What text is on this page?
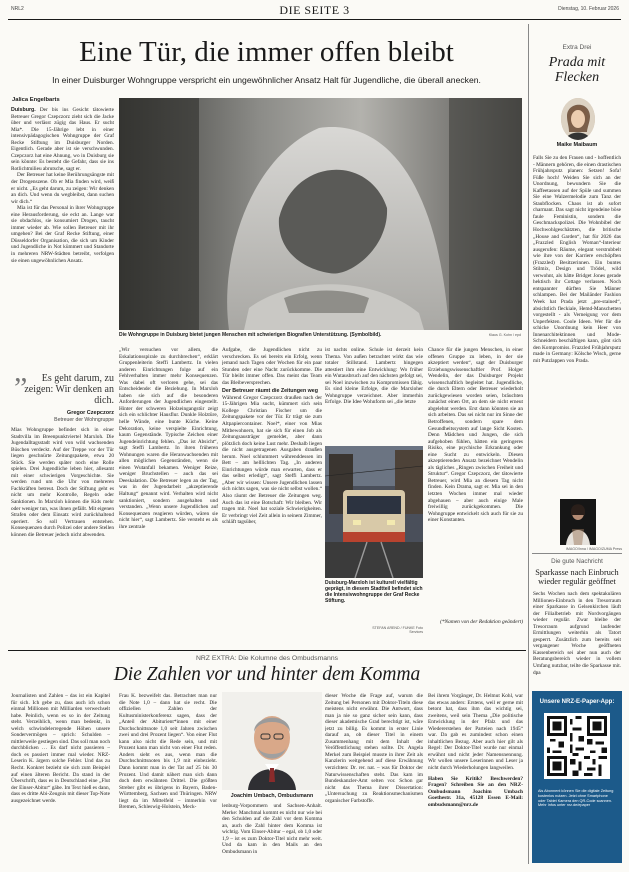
NRL2	DIE SEITE 3	Dienstag, 10. Februar 2026
Eine Tür, die immer offen bleibt
In einer Duisburger Wohngruppe verspricht ein ungewöhnlicher Ansatz Halt für Jugendliche, die überall anecken.
Jalica Engelbarts
Die Wohngruppe in Duisburg bietet jungen Menschen mit schwierigen Biografien Unterstützung. (Symbolbild).	Klaus G. Kohn / epd

Duisburg. Der bis ins Gesicht tätowierte Betreuer Gregor Czepczorz zieht sich die Jacke über und verlässt zügig das Haus. Er sucht Mia*. Die 15-Jährige lebt in einer intensivpädagogischen Wohngruppe der Graf Recke Stiftung im Duisburger Norden. Eigentlich. Gerade aber ist sie verschwunden. Czepczorz hat eine Ahnung, wo in Duisburg sie sein könnte: Es besteht die Gefahr, dass sie ins Rotlichtmilieu abrutsche, sagt er.

Der Betreuer hat keine Berührungsängste mit der Drogenszene. Ob er Mia finden wird, weiß er nicht. „Es geht darum, zu zeigen: Wir denken an dich. Und wenn du wegbleibst, dann suchen wir dich.“

Mia ist für das Personal in ihrer Wohngruppe eine Herausforderung, sie eckt an. Lange war sie obdachlos, sie konsumiert Drogen, taucht immer wieder ab. Wie sollen Betreuer mit ihr umgehen? Bei der Graf Recke Stiftung, einer Düsseldorfer Organisation, die sich um Kinder und Jugendliche in Not kümmert und Standorte in mehreren NRW-Städten betreibt, verfolgen sie einen ungewöhnlichen Ansatz.

„	Es geht darum, zu zeigen: Wir denken an dich.
Gregor Czepczorz
Betreuer der Wohngruppe

Mias Wohngruppe befindet sich in einer Stadtvilla im Breenpunktviertel Marxloh. Die Jugendalltagsstadt wird von wild wachsenden Büschen verdeckt. Auf der Treppe vor der Tür liegen geschnürte Zeitungspakete, etwa 20 Stück. Sie werden später noch eine Rolle spielen. Drei Jugendliche leben hier, allesamt mit einer schwierigen Vorgeschichte. Sie werden rund um die Uhr von mehreren Fachkräften betreut. Doch der Stiftung geht es nicht um mehr Kontrolle, Regeln oder Sanktionen. In Marxloh können die Kids mehr oder weniger tun, was ihnen gefällt. Mit eigenen Strafen oder dem Einsatz wird zurückhaltend operiert. So soll Vertrauen entstehen. Konsequenzen durch Polizei oder andere Stellen können die Betreuer jedoch nicht abwenden.

„Wir versuchen vor allem, die Eskalationsspirale zu durchbrechen“, erklärt Gruppenleiterin Steffi Lambertz. In vielen anderen Einrichtungen folge auf ein Fehlverhalten immer mehr Konsequenzen. Was dabei oft verloren gehe, sei das Entscheidende: die Beziehung. In Marxloh haben sie sich auf die besonderen Anforderungen der Jugendlichen eingestellt. Hinter der schweren Holzeingangstür zeigt sich ein schlichter Hausflur. Dunkle Holztüre, helle Wände, eine bunte Küche. Keine Dekoration, keine verspielte Einrichtung, kaum Gegenstände. Typische Zeichen einer Jugendeinrichtung fehlen. „Das ist Absicht“, sagt Steffi Lambertz. In ihren früheren Wohnungen waren die Heranwachsenden mit allen möglichen Gegenständen, wenn sie einen Wutanfall bekamen. Weniger Reize, weniger Bruchstellen – auch das sei Deeskalation. Die Betreuer legen an der Tag, was in der Jugendarbeit „akzeptierende Haltung“ genannt wird. Verhalten wird nicht sanktioniert, sondern ausgehalten und verstanden. „Wenn unsere Jugendlichen auf Konsequenzen reagieren würden, wären sie nicht hier“, sagt Lambertz. Sie versteht es als ihre zentrale

Aufgabe, die Jugendlichen nicht zu verschrecken. Es sei bereits ein Erfolg, wenn jemand nach Tagen oder Wochen für ein paar Stunden oder eine Nacht zurückkomme. Die Tür bleibt immer offen. Das meint das Team das Bleibeversprechen.

Der Betreuer räumt die Zeitungen weg

Während Gregor Czepczorz draußen nach der 15-Jährigen Mia sucht, kümmert sich sein Kollege Christian Fischer um die Zeitungspakete vor der Tür. Er trägt sie zum Altpapiercontainer. Noel*, einer von Mias Mitbewohnern, hat sie sich für einen Job als Zeitungsausträger gemeldet, aber dann plötzlich doch keine Lust mehr. Deshalb liegen die nicht ausgetragenen Ausgaben draußen herum. Noel schlummert währenddessen im Bett – am helllichten Tag. „In anderen Einrichtungen würde man erwarten, dass er das selbst erledigt“, sagt Steffi Lambertz. „Aber wir wissen: Unsere Jugendlichen lassen sich nichts sagen, was sie nicht selbst wollen.“ Also räumt der Betreuer die Zeitungen weg. Auch das ist eine Botschaft: Wir bleiben. Wir tragen mit. Noel hat soziale Schwierigkeiten. Er verbringt viel Zeit allein in seinem Zimmer, schläft tagsüber,

ist nachts online. Schule ist derzeit kein Thema. Von außen betrachtet wirkt das wie totaler Stillstand. Lambertz hingegen attestiert ihm eine Entwicklung: Wo früher ein Wutausbruch auf den nächsten gefolgt sei, sei Noel inzwischen zu Kompromissen fähig. Es sind kleine Erfolge, die die Marxloher Wohngruppe verzeichnet. Aber immerhin Erfolge. Die Idee Wohnform sei „die letzte

Duisburg-Marxloh ist kulturell vielfältig geprägt, in diesem Stadtteil befindet sich die Intensivwohngruppe der Graf Recke Stiftung.
STEFAN AREND / FUNKE Foto Services

Chance für die jungen Menschen, in einer offenen Gruppe zu leben, in der sie akzeptiert werden“, sagt der Duisburger Erziehungswissenschaftler Prof. Holger Wendelin, der das Duisburger Projekt wissenschaftlich begleitet hat. Jugendliche, die durch Eltern oder Betreuer wiederholt zurückgewiesen worden seien, bräuchten zunächst einen Ort, an dem sie nicht erneut abgelehnt werden. Erst dann könnten sie an sich arbeiten. Das sei nicht nur im Sinne der Betroffenen, sondern spare dem Gesundheitssystem auf lange Sicht Kosten. Denn Mädchen und Jungen, die sich aufgehoben fühlen, hätten ein geringeres Risiko, eine psychische Erkrankung oder eine Sucht zu entwickeln. Diesen akzeptierenden Ansatz bezeichnet Wendelin als tägliches „Ringen zwischen Freiheit und Struktur“. Gregor Czepczorz, der tätowierte Betreuer, wird Mia an diesem Tag nicht finden. Kein Drama, sagt er. Mia sei in den letzten Wochen immer mal wieder abgehauen – aber auch einige Male freiwillig zurückgekommen. Die Wohngruppe entwickelt sich auch für sie zu einer Konstanten.

(*Namen von der Redaktion geändert)
Extra Drei
Prada mit Flecken
Maike Maibaum

Falls Sie zu den Frauen und - hoffentlich - Männern gehören, die einen drastischen Frühjahrsputz planen: Setzen! Sofa! Füße hoch! Weiden Sie sich an der Unordnung, bewundern Sie die Kaffeetassen auf der Spüle und summen Sie eine Walzermelodie zum Tanz der Staubflocken. Chaos ist ab sofort charmant. Das sagt nicht irgendeine böse faule Feministin, sondern die Geschmackspolizei. Die Wohnbibel der Hochwohlgeschätzten, die britische „House and Garden“, hat für 2026 das „Frazzled English Woman“-Interieur ausgerufen: Räume, elegant verstrubbelt wie ihre von der Karriere erschöpften (Frazzled) Besitzerinnen. Ein buntes Stilmix, Design und Trödel, wild verwohnt, als hätte Bridget Jones gerade hektisch ihr Cottage verlassen. Noch entspannter dürften Sie Männer schlampen. Bei der Mailänder Fashion Week hat Prada jetzt „pre-stained“, absichtlich fleckiale, Hemd-Manschetten vorgestellt - als Verneigung vor dem Unperfekten. Coole Ideen. Wer für die schicke Unordnung kein Heer von Innenarchitektinnen und Mode-Schneidern beschäftigen kann, gönt sich den Kompromiss. Frazzled Frühjahrsputz made in Germany: Kölsche Wisch, gerne mit Putzlappen von Prada.

IMAGO/Inna / IMAGO/ZUMA Press
Die gute Nachricht
Sparkasse nach Einbruch wieder regulär geöffnet

Sechs Wochen nach dem spektakulären Millionen-Einbruch in den Tresorraum einer Sparkasse in Gelsenkirchen läuft der Filialbetrieb mit Nordvorgängen wieder regulär. Zwar bleibe der Tresorraum aufgrund laufender Ermittlungen weiterhin als Tatort gesperrt. Zusätzlich zum bereits seit vergangener Woche geöffneten Kassenbereich sei aber nun auch der Beratungsbereich wieder in vollem Umfang nutzbar, teilte die Sparkasse mit. dpa

Unsere NRZ-E-Paper-App:
Als Abonnent können Sie die digitale Zeitung kostenlos nutzen. Jetzt ohne Smartphone oder Tablet Kamera den QR-Code scannen. Mehr Infos unter nrz.de/epaper
NRZ EXTRA: Die Kolumne des Ombudsmanns
Die Zahlen vor und hinter dem Komma

Journalisten und Zahlen – das ist ein Kapitel für sich. Ich gebe zu, dass auch ich schon einmal Millionen mit Milliarden verwechselt habe. Peinlich, wenn es so in der Zeitung steht. Verzeihlich, wenn man bedenkt, in welch schwindelerregende Höhen unsere Sondervermögen – sprich: Schulden – mittlerweile gestiegen sind. Das soll man noch durchblicken … Es darf nicht passieren – doch es passiert immer mal wieder. NRZ-Leserin K. ärgern solche Fehler. Und das zu Recht. Konkret bezieht sie sich zum Beispiel auf einen älteren Bericht. Da stand in der Überschrift, dass es in Deutschland eine „Flut der Einser-Abitur“ gäbe. Im Text hieß es dann, dass es dritte Abi-Zeugnis mit dieser Top-Note ausgezeichnet werde.

Frau K. bezweifelt das. Betrachtet man nur die Note 1,0 – dann hat sie recht. Die offiziellen Zahlen der Kultusministerkonferenz sagen, dass der „Anteil der Abiturient*innen mit einer Durchschnittsnote 1,0 seit Jahren zwischen zwei und drei Prozent liegen“. Von einer Flut kann also nicht die Rede sein, und mit Prozent kann man nicht von einer Flut reden. Anders sieht es aus, wenn man die Durchschnittsnoten bis 1,9 mit einbezieht. Dann kommt man in der Tat auf 25 bis 30 Prozent. Und damit nähert man sich dann doch dem erwähnten Drittel. Die größten Streber gibt es übrigens in Bayern, Baden-Württemberg, Sachsen und Thüringen. NRW liegt da im Mittelfeld – immerhin vor Bremen, Schleswig-Holstein, Meck-

Joachim Umbach, Ombudsmann

lenburg-Vorpommern und Sachsen-Anhalt. Merke: Manchmal kommt es nicht nur wie bei den Schulden auf die Zahl vor dem Komma an, auch die Zahl hinter dem Komma ist wichtig. Vom Einser-Abitur – egal, ob 1,0 oder 1,9 – ist es zum Doktor-Titel nicht mehr weit. Und da kam in den Mails an den Ombudsmann in

dieser Woche die Frage auf, warum die Zeitung bei Personen mit Doktor-Titeln diese meistens nicht erwähnt. Die Antwort, dass man ja nie so ganz sicher sein kann, dass dieser akademische Grad berechtigt ist, wäre jetzt zu billig. Es kommt in erster Linie darauf an, ob dieser Titel in einem Zusammenhang mit dem Inhalt der Veröffentlichung stehen sollte. Dr. Angela Merkel zum Beispiel musste in ihrer Zeit als Kanzlerin weitgehend auf diese Erwähnung verzichten: Dr. rer. nat. – was für Doktor der Naturwissenschaften steht. Das kam im Bundeskanzler-Amt selten vor. Schon gar nicht das Thema ihrer Dissertation: „Untersuchung zu Reaktionsmechanismen organischer Farbstoffe.

Bei ihrem Vorgänger, Dr. Helmut Kohl, war das etwas anders: Erstens, weil er gerne mit betont hat, dass ihm das wichtig sei, zweitens, weil sein Thema „Die politische Entwicklung in der Pfalz und das Wiedererstehen der Parteien nach 1945“ war. Da gab es zumindest schon einen inhaltlichen Bezug. Aber auch hier gilt als Regel: Der Doktor-Titel wurde nur einmal erwähnt und nicht jeder Namensnennung. Wir wollen unsere Leserinnen und Leser ja nicht durch Wiederholungen langweilen.

Haben Sie Kritik? Beschwerden? Fragen? Schreiben Sie an den NRZ-Ombudsmann Joachim Umbach Goethestr. 31a, 45128 Essen E-Mail: ombudsmann@nrz.de
